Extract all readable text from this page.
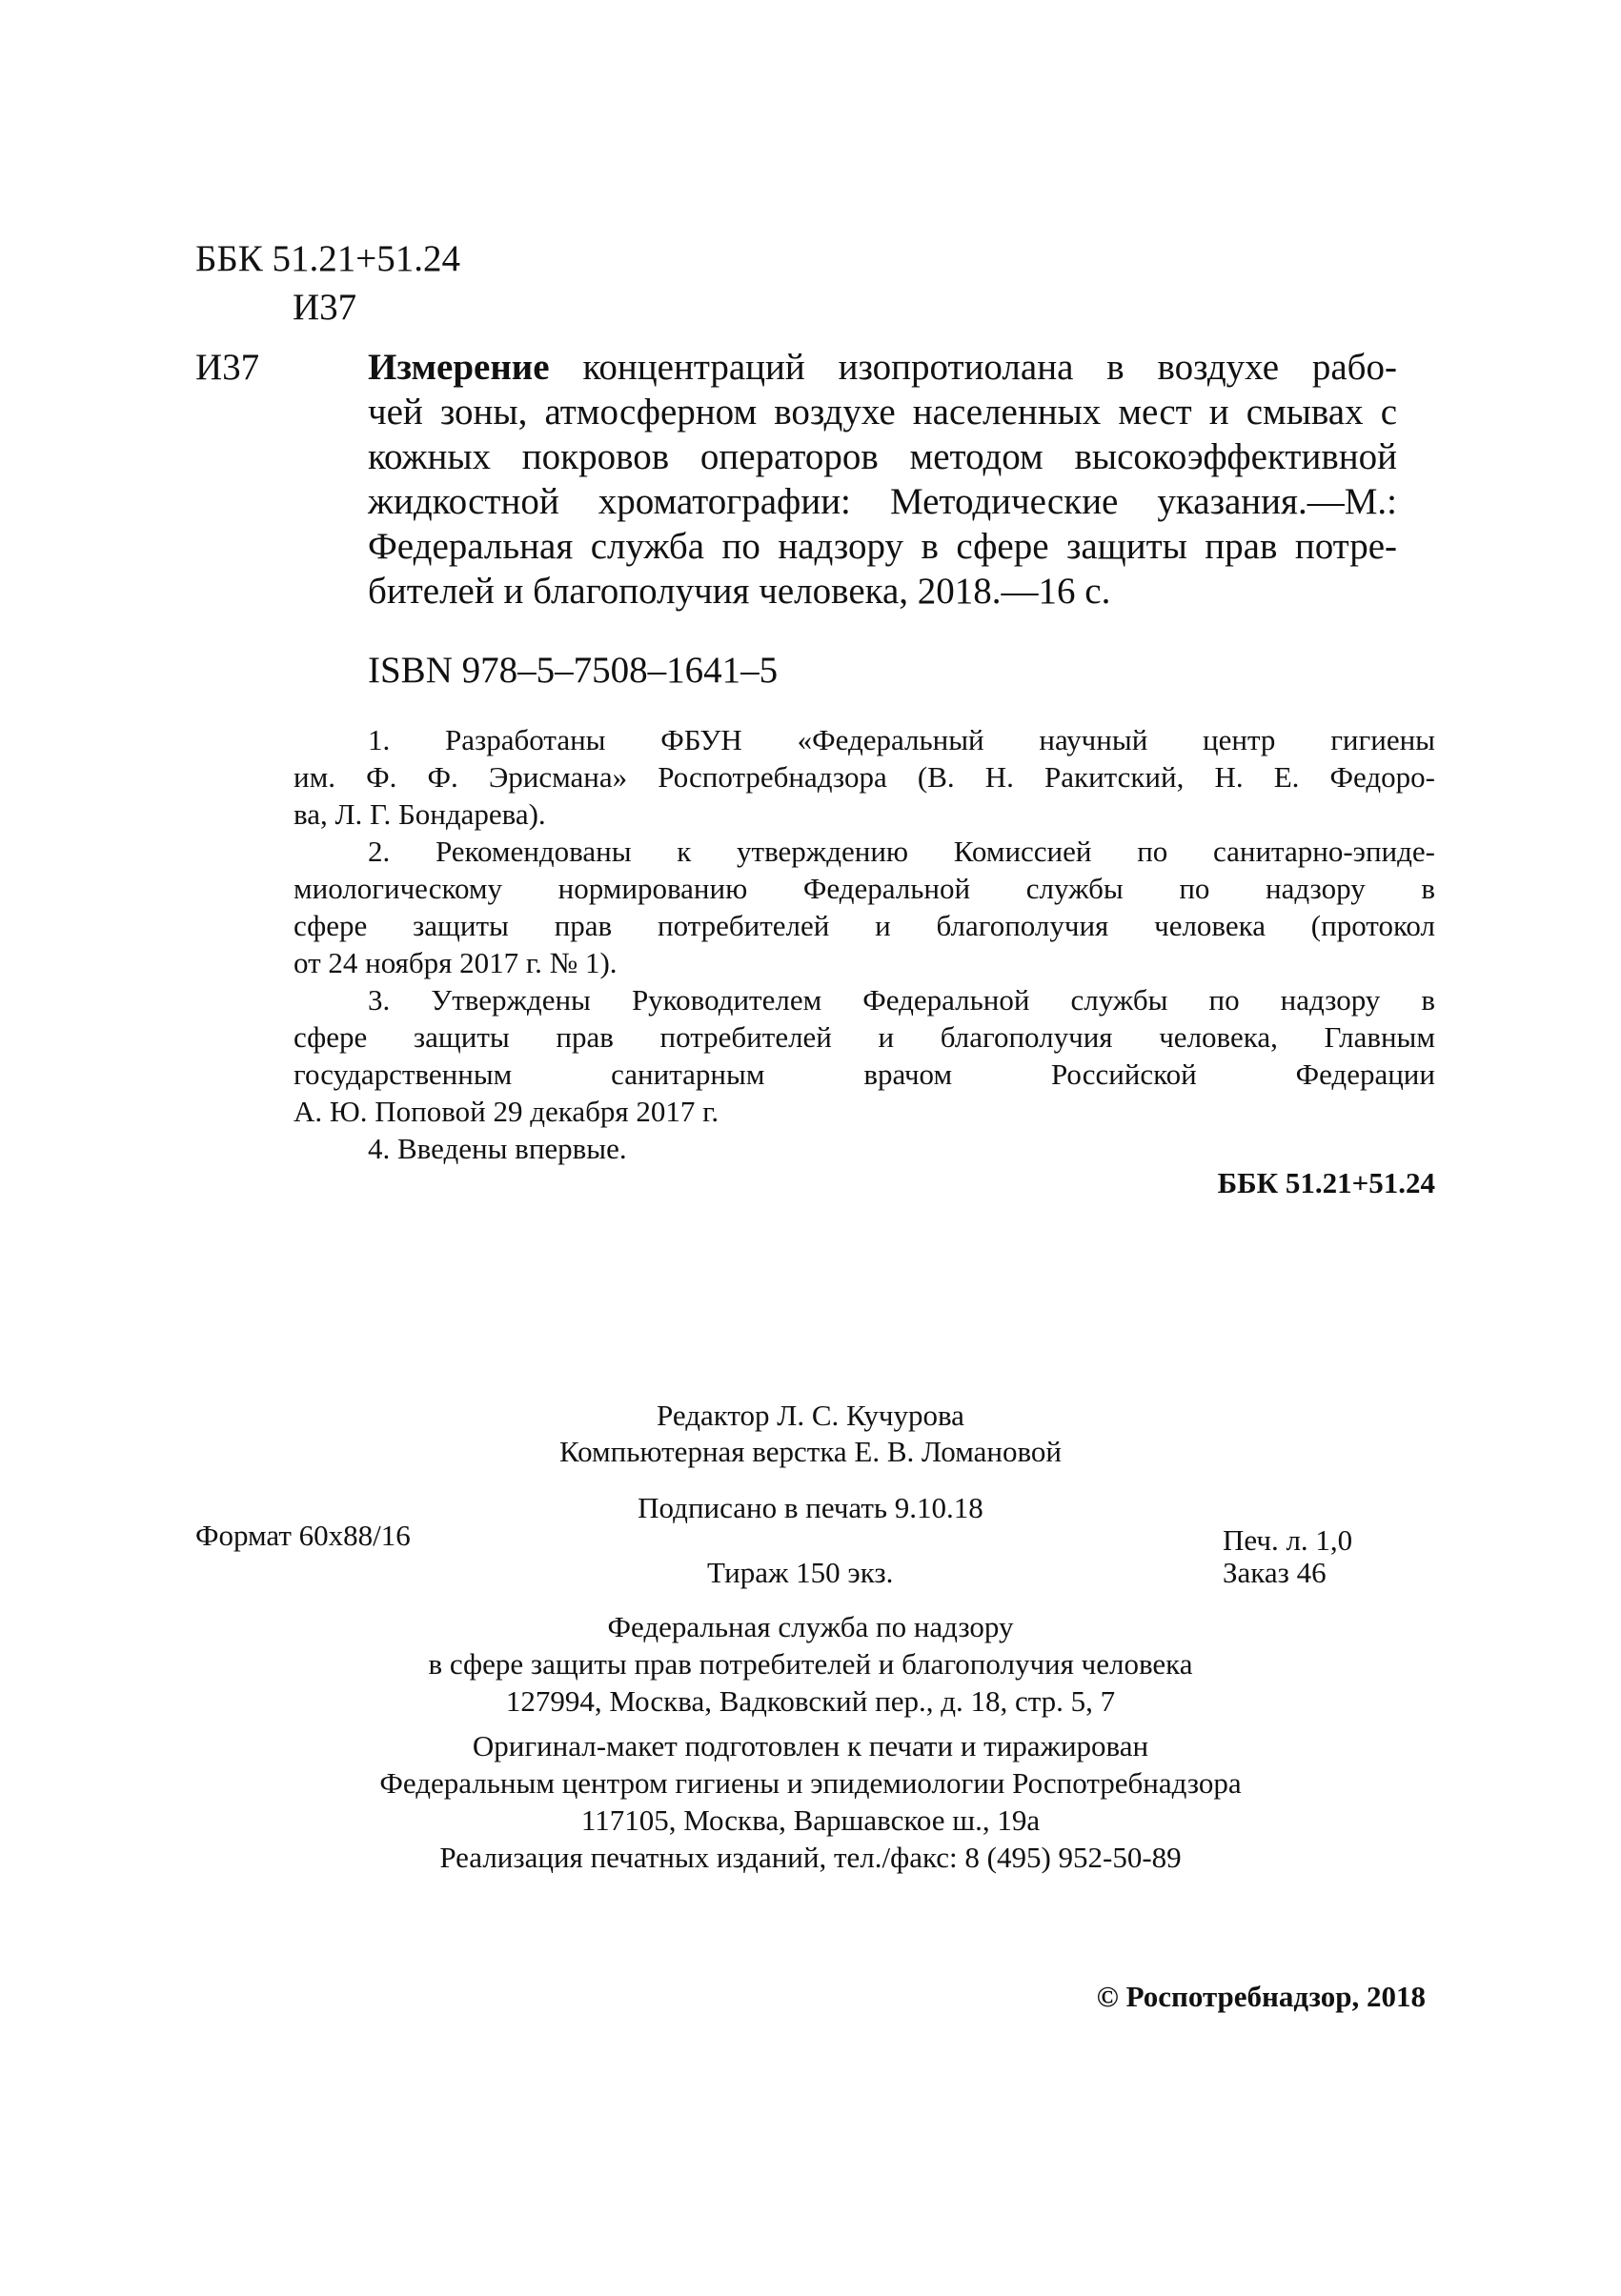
ББК 51.21+51.24
И37
И37	Измерение концентраций изопротиолана в воздухе рабо-
чей зоны, атмосферном воздухе населенных мест и смывах с
кожных покровов операторов методом высокоэффективной
жидкостной хроматографии: Методические указания.—М.:
Федеральная служба по надзору в сфере защиты прав потре-
бителей и благополучия человека, 2018.—16 с.
ISBN 978–5–7508–1641–5
1. Разработаны ФБУН «Федеральный научный центр гигиены
им. Ф. Ф. Эрисмана» Роспотребнадзора (В. Н. Ракитский, Н. Е. Федоро-
ва, Л. Г. Бондарева).
2. Рекомендованы к утверждению Комиссией по санитарно-эпиде-
миологическому нормированию Федеральной службы по надзору в
сфере защиты прав потребителей и благополучия человека (протокол
от 24 ноября 2017 г. № 1).
3. Утверждены Руководителем Федеральной службы по надзору в
сфере защиты прав потребителей и благополучия человека, Главным
государственным санитарным врачом Российской Федерации
А. Ю. Поповой 29 декабря 2017 г.
4. Введены впервые.
ББК 51.21+51.24
Редактор Л. С. Кучурова
Компьютерная верстка Е. В. Ломановой
Подписано в печать 9.10.18
Формат 60x88/16	Печ. л. 1,0
Тираж 150 экз.	Заказ 46
Федеральная служба по надзору
в сфере защиты прав потребителей и благополучия человека
127994, Москва, Вадковский пер., д. 18, стр. 5, 7
Оригинал-макет подготовлен к печати и тиражирован
Федеральным центром гигиены и эпидемиологии Роспотребнадзора
117105, Москва, Варшавское ш., 19а
Реализация печатных изданий, тел./факс: 8 (495) 952-50-89
© Роспотребнадзор, 2018
